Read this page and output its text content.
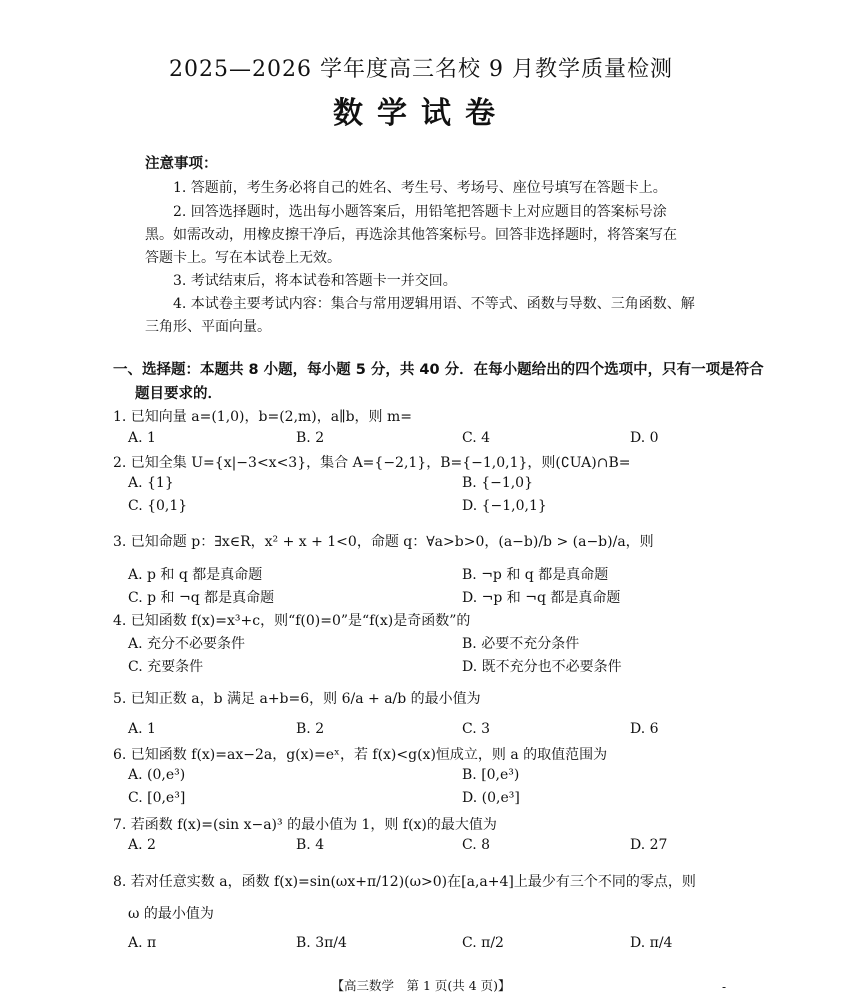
2025—2026 学年度高三名校 9 月教学质量检测
数学试卷
注意事项：
1. 答题前，考生务必将自己的姓名、考生号、考场号、座位号填写在答题卡上。
2. 回答选择题时，选出每小题答案后，用铅笔把答题卡上对应题目的答案标号涂
黑。如需改动，用橡皮擦干净后，再选涂其他答案标号。回答非选择题时，将答案写在
答题卡上。写在本试卷上无效。
3. 考试结束后，将本试卷和答题卡一并交回。
4. 本试卷主要考试内容：集合与常用逻辑用语、不等式、函数与导数、三角函数、解
三角形、平面向量。
一、选择题：本题共 8 小题，每小题 5 分，共 40 分．在每小题给出的四个选项中，只有一项是符合
题目要求的．
1. 已知向量 a=(1,0)，b=(2,m)，a∥b，则 m=
A. 1	B. 2	C. 4	D. 0
2. 已知全集 U={x|−3<x<3}，集合 A={−2,1}，B={−1,0,1}，则(∁UA)∩B=
A. {1}	B. {−1,0}
C. {0,1}	D. {−1,0,1}
3. 已知命题 p：∃x∈R，x² + x + 1<0，命题 q：∀a>b>0，(a−b)/b > (a−b)/a，则
A. p 和 q 都是真命题	B. ¬p 和 q 都是真命题
C. p 和 ¬q 都是真命题	D. ¬p 和 ¬q 都是真命题
4. 已知函数 f(x)=x³+c，则“f(0)=0”是“f(x)是奇函数”的
A. 充分不必要条件	B. 必要不充分条件
C. 充要条件	D. 既不充分也不必要条件
5. 已知正数 a，b 满足 a+b=6，则 6/a + a/b 的最小值为
A. 1	B. 2	C. 3	D. 6
6. 已知函数 f(x)=ax−2a，g(x)=eˣ，若 f(x)<g(x)恒成立，则 a 的取值范围为
A. (0,e³)	B. [0,e³)
C. [0,e³]	D. (0,e³]
7. 若函数 f(x)=(sin x−a)³ 的最小值为 1，则 f(x)的最大值为
A. 2	B. 4	C. 8	D. 27
8. 若对任意实数 a，函数 f(x)=sin(ωx+π/12)(ω>0)在[a,a+4]上最少有三个不同的零点，则
ω 的最小值为
A. π	B. 3π/4	C. π/2	D. π/4
【高三数学　第 1 页(共 4 页)】	-
